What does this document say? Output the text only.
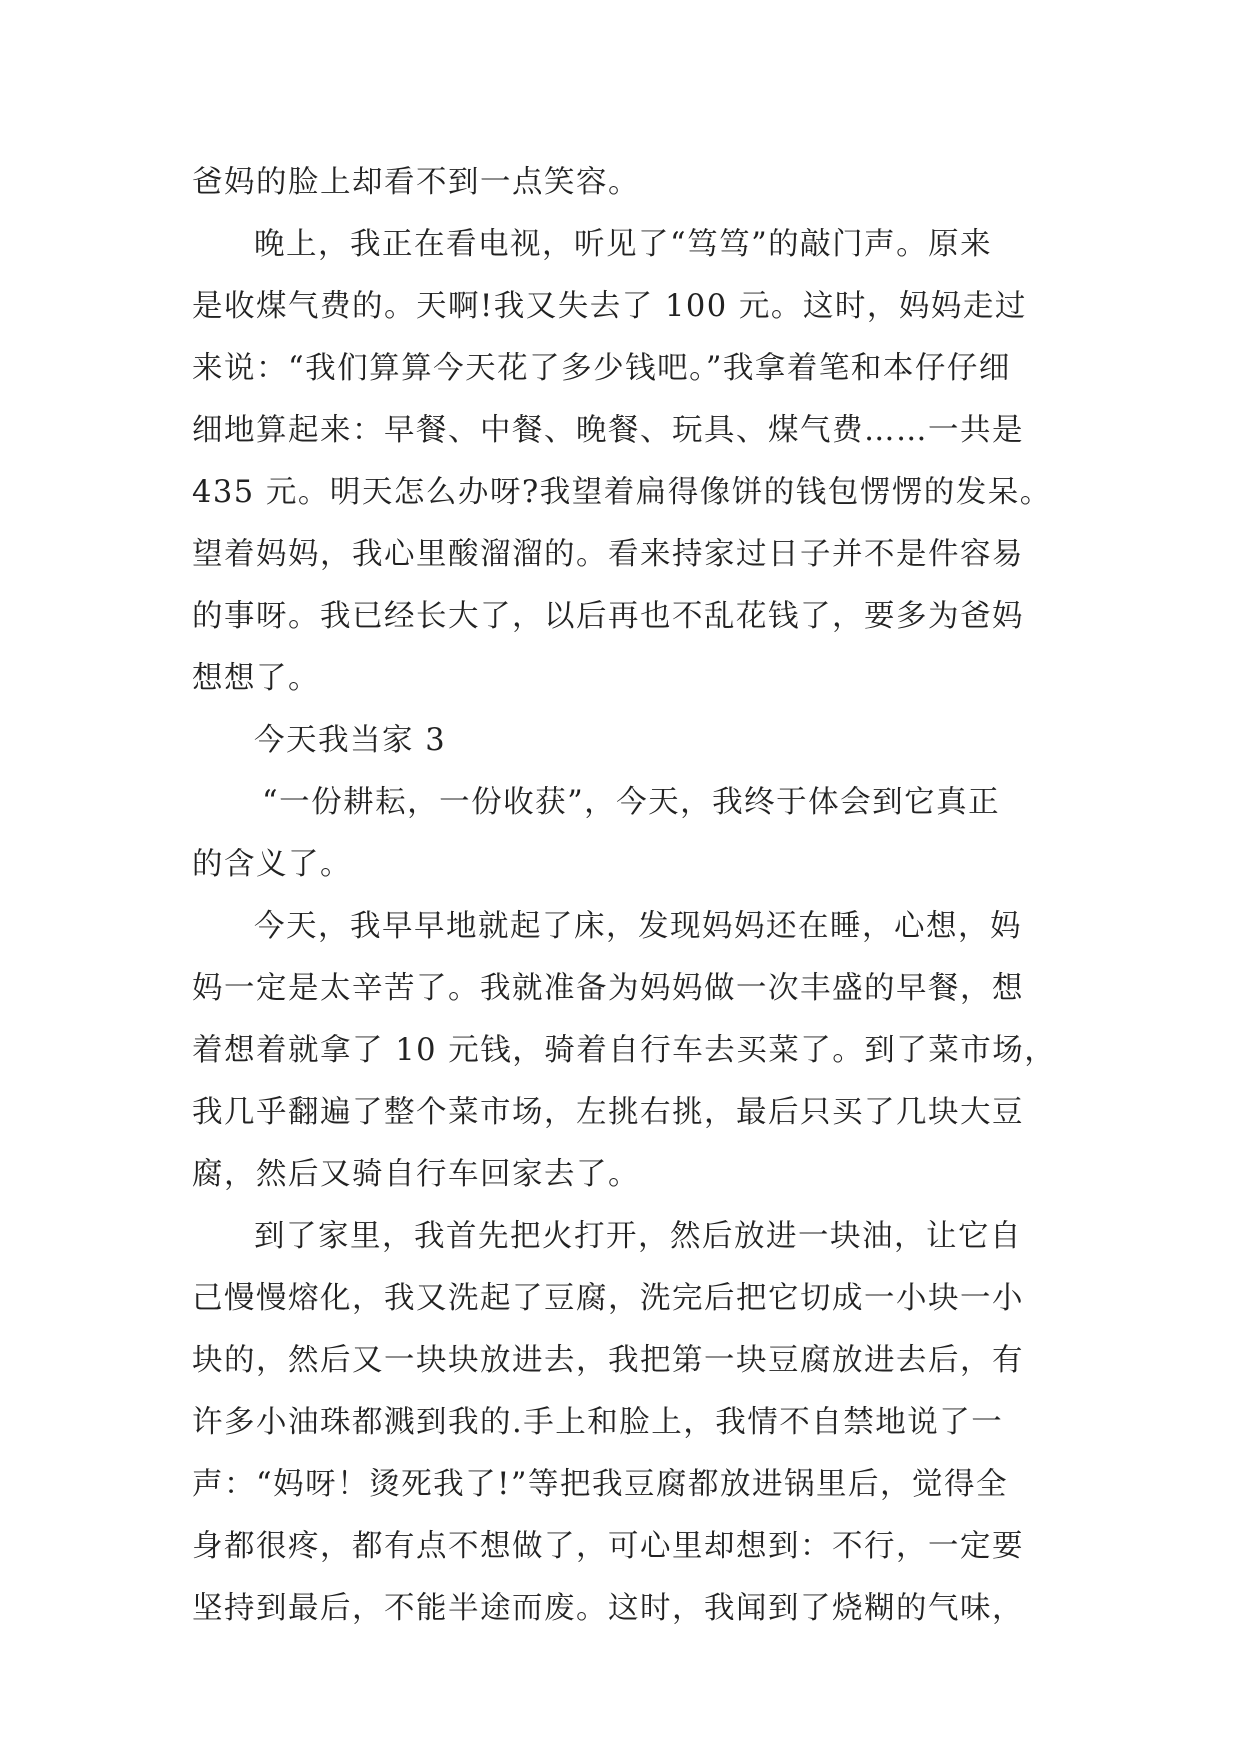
爸妈的脸上却看不到一点笑容。
晚上，我正在看电视，听见了“笃笃”的敲门声。原来
是收煤气费的。天啊!我又失去了 100 元。这时，妈妈走过
来说：“我们算算今天花了多少钱吧。”我拿着笔和本仔仔细
细地算起来：早餐、中餐、晚餐、玩具、煤气费……一共是
435 元。明天怎么办呀?我望着扁得像饼的钱包愣愣的发呆。
望着妈妈，我心里酸溜溜的。看来持家过日子并不是件容易
的事呀。我已经长大了，以后再也不乱花钱了，要多为爸妈
想想了。
今天我当家 3
“一份耕耘，一份收获”，今天，我终于体会到它真正
的含义了。
今天，我早早地就起了床，发现妈妈还在睡，心想，妈
妈一定是太辛苦了。我就准备为妈妈做一次丰盛的早餐，想
着想着就拿了 10 元钱，骑着自行车去买菜了。到了菜市场，
我几乎翻遍了整个菜市场，左挑右挑，最后只买了几块大豆
腐，然后又骑自行车回家去了。
到了家里，我首先把火打开，然后放进一块油，让它自
己慢慢熔化，我又洗起了豆腐，洗完后把它切成一小块一小
块的，然后又一块块放进去，我把第一块豆腐放进去后，有
许多小油珠都溅到我的.手上和脸上，我情不自禁地说了一
声：“妈呀！烫死我了!”等把我豆腐都放进锅里后，觉得全
身都很疼，都有点不想做了，可心里却想到：不行，一定要
坚持到最后，不能半途而废。这时，我闻到了烧糊的气味，
